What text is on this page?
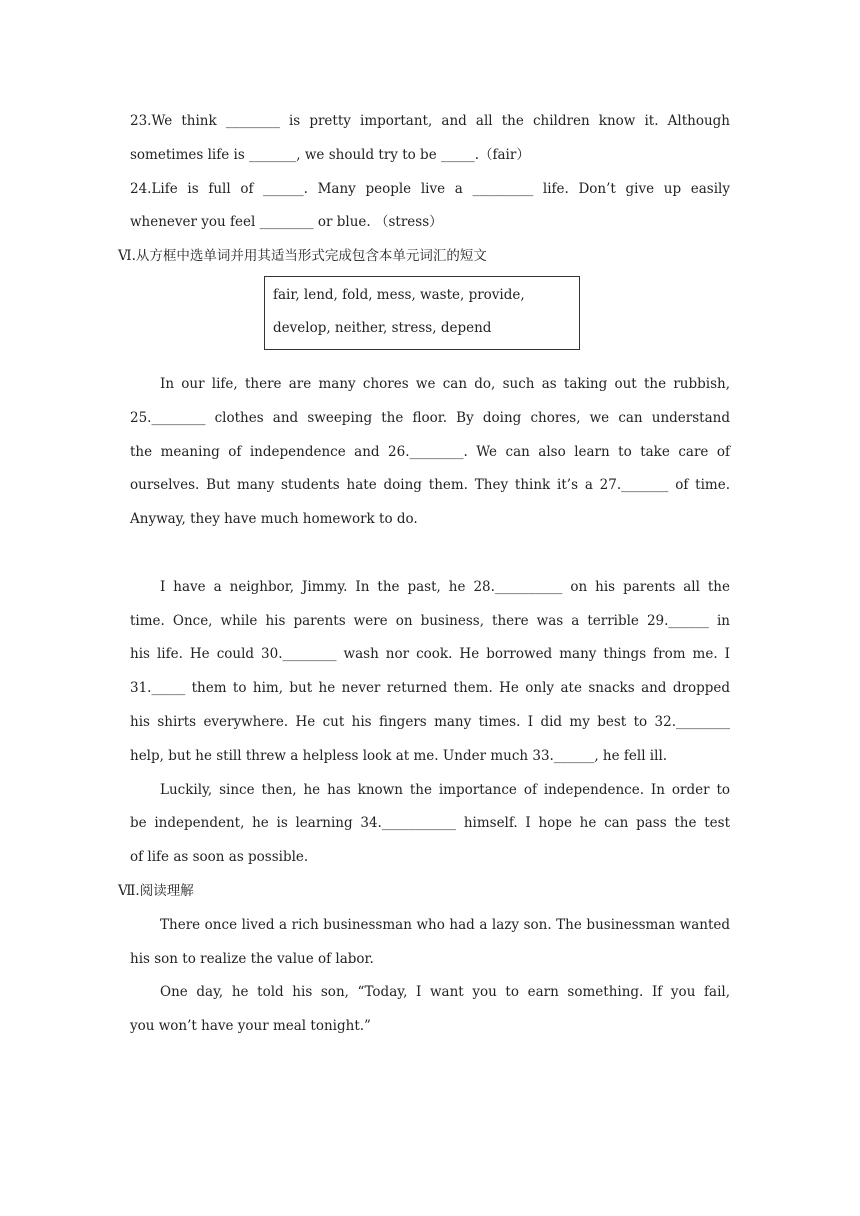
23.We think ________ is pretty important, and all the children know it. Although
sometimes life is _______, we should try to be _____.（fair）
24.Life is full of ______. Many people live a _________ life. Don’t give up easily
whenever you feel ________ or blue. （stress）
Ⅵ.从方框中选单词并用其适当形式完成包含本单元词汇的短文
fair, lend, fold, mess, waste, provide,
develop, neither, stress, depend
In our life, there are many chores we can do, such as taking out the rubbish,
25.________ clothes and sweeping the floor. By doing chores, we can understand
the meaning of independence and 26.________. We can also learn to take care of
ourselves. But many students hate doing them. They think it’s a 27._______ of time.
Anyway, they have much homework to do.
I have a neighbor, Jimmy. In the past, he 28.__________ on his parents all the
time. Once, while his parents were on business, there was a terrible 29.______ in
his life. He could 30.________ wash nor cook. He borrowed many things from me. I
31._____ them to him, but he never returned them. He only ate snacks and dropped
his shirts everywhere. He cut his fingers many times. I did my best to 32.________
help, but he still threw a helpless look at me. Under much 33.______, he fell ill.
Luckily, since then, he has known the importance of independence. In order to
be independent, he is learning 34.___________ himself. I hope he can pass the test
of life as soon as possible.
Ⅶ.阅读理解
There once lived a rich businessman who had a lazy son. The businessman wanted
his son to realize the value of labor.
One day, he told his son, “Today, I want you to earn something. If you fail,
you won’t have your meal tonight.”
